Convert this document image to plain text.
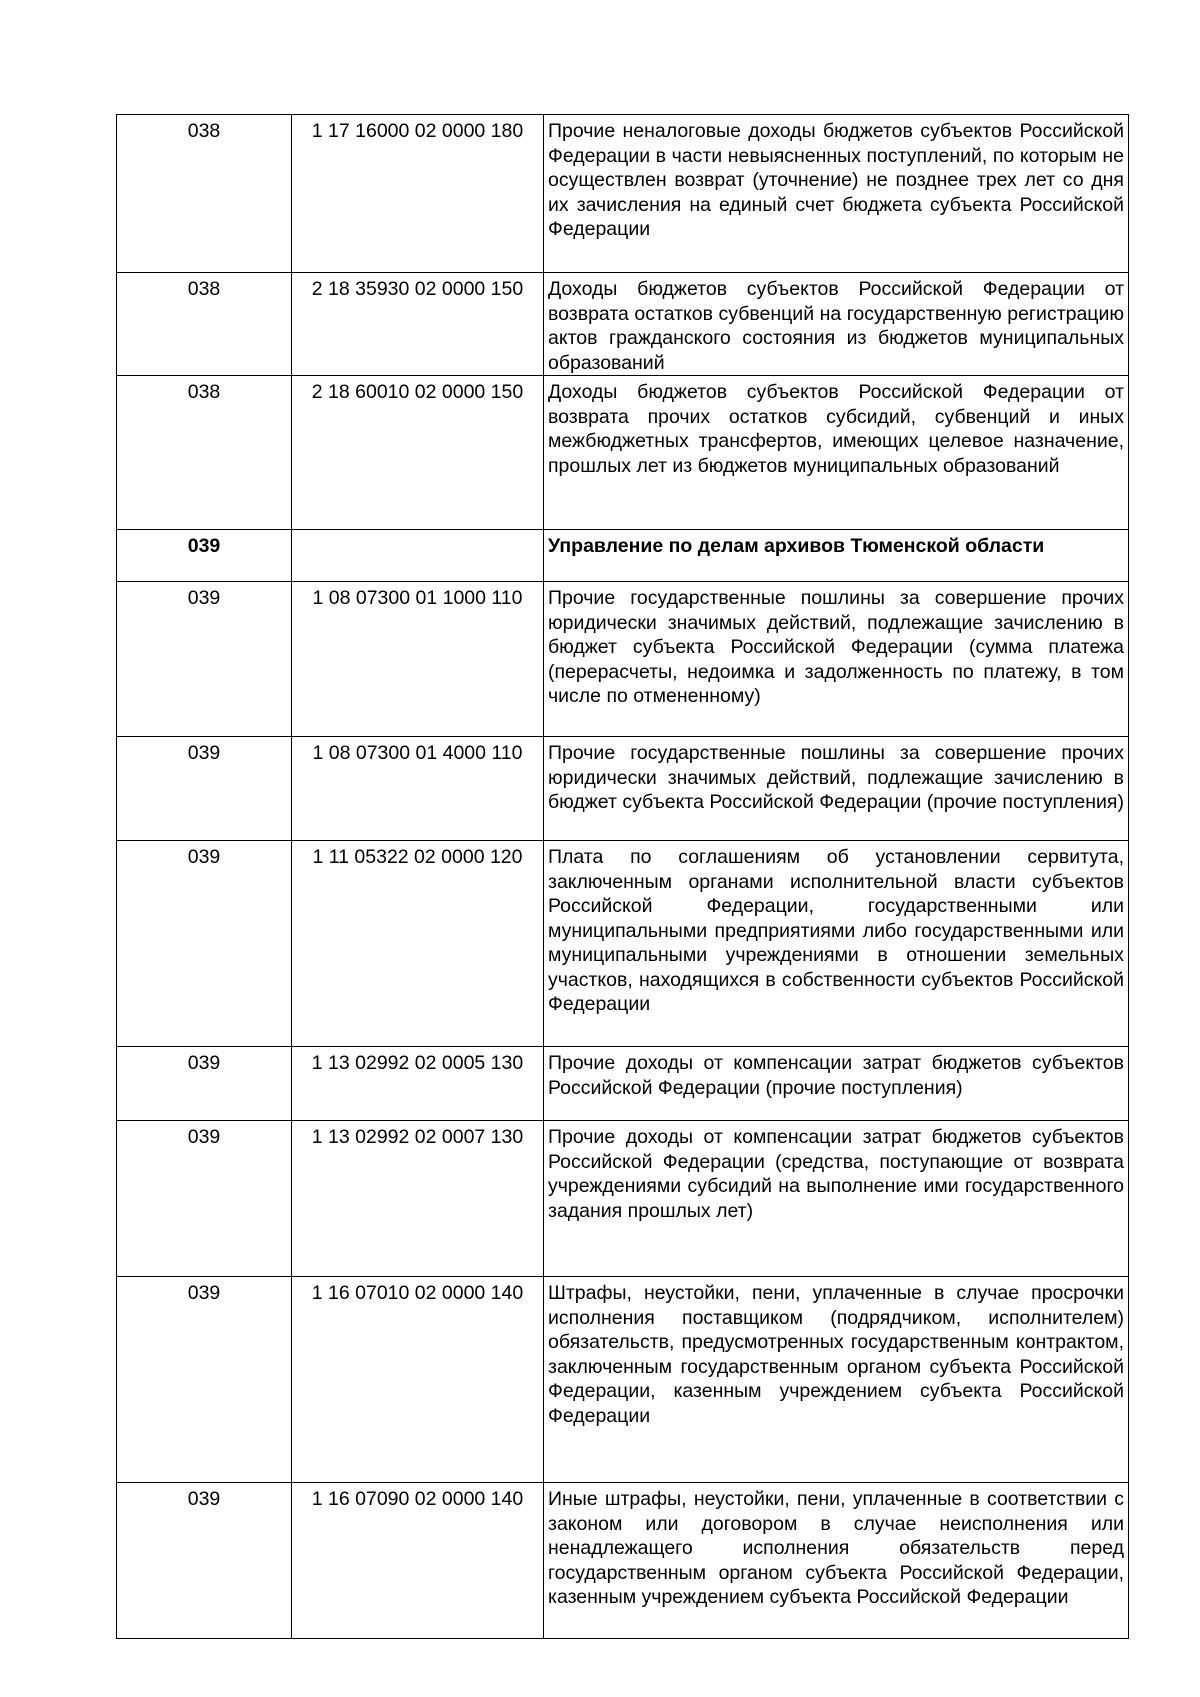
038	1 17 16000 02 0000 180	Прочие неналоговые доходы бюджетов субъектов Российской Федерации в части невыясненных поступлений, по которым не осуществлен возврат (уточнение) не позднее трех лет со дня их зачисления на единый счет бюджета субъекта Российской Федерации
038	2 18 35930 02 0000 150	Доходы бюджетов субъектов Российской Федерации от возврата остатков субвенций на государственную регистрацию актов гражданского состояния из бюджетов муниципальных образований
038	2 18 60010 02 0000 150	Доходы бюджетов субъектов Российской Федерации от возврата прочих остатков субсидий, субвенций и иных межбюджетных трансфертов, имеющих целевое назначение, прошлых лет из бюджетов муниципальных образований
039		Управление по делам архивов Тюменской области
039	1 08 07300 01 1000 110	Прочие государственные пошлины за совершение прочих юридически значимых действий, подлежащие зачислению в бюджет субъекта Российской Федерации (сумма платежа (перерасчеты, недоимка и задолженность по платежу, в том числе по отмененному)
039	1 08 07300 01 4000 110	Прочие государственные пошлины за совершение прочих юридически значимых действий, подлежащие зачислению в бюджет субъекта Российской Федерации (прочие поступления)
039	1 11 05322 02 0000 120	Плата по соглашениям об установлении сервитута, заключенным органами исполнительной власти субъектов Российской Федерации, государственными или муниципальными предприятиями либо государственными или муниципальными учреждениями в отношении земельных участков, находящихся в собственности субъектов Российской Федерации
039	1 13 02992 02 0005 130	Прочие доходы от компенсации затрат бюджетов субъектов Российской Федерации (прочие поступления)
039	1 13 02992 02 0007 130	Прочие доходы от компенсации затрат бюджетов субъектов Российской Федерации (средства, поступающие от возврата учреждениями субсидий на выполнение ими государственного задания прошлых лет)
039	1 16 07010 02 0000 140	Штрафы, неустойки, пени, уплаченные в случае просрочки исполнения поставщиком (подрядчиком, исполнителем) обязательств, предусмотренных государственным контрактом, заключенным государственным органом субъекта Российской Федерации, казенным учреждением субъекта Российской Федерации
039	1 16 07090 02 0000 140	Иные штрафы, неустойки, пени, уплаченные в соответствии с законом или договором в случае неисполнения или ненадлежащего исполнения обязательств перед государственным органом субъекта Российской Федерации, казенным учреждением субъекта Российской Федерации
